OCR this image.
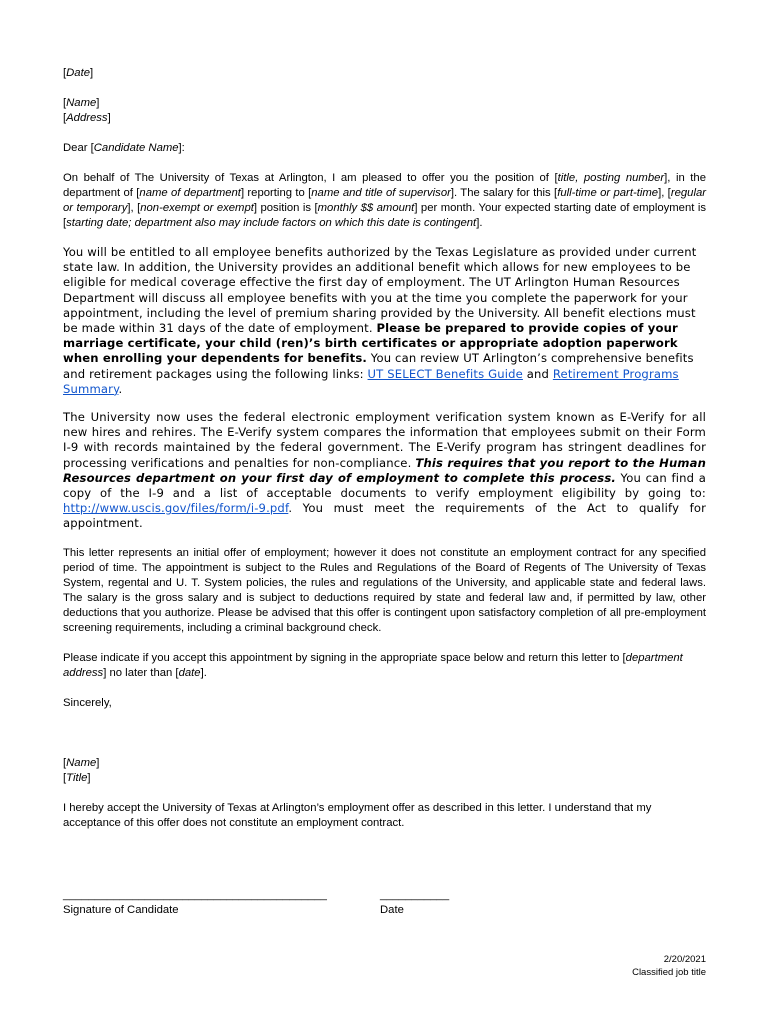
[Date]

[Name]
[Address]

Dear [Candidate Name]:

On behalf of The University of Texas at Arlington, I am pleased to offer you the position of [title, posting number], in the department of [name of department] reporting to [name and title of supervisor]. The salary for this [full-time or part-time], [regular or temporary], [non-exempt or exempt] position is [monthly $$ amount] per month. Your expected starting date of employment is [starting date; department also may include factors on which this date is contingent].

You will be entitled to all employee benefits authorized by the Texas Legislature as provided under current state law. In addition, the University provides an additional benefit which allows for new employees to be eligible for medical coverage effective the first day of employment. The UT Arlington Human Resources Department will discuss all employee benefits with you at the time you complete the paperwork for your appointment, including the level of premium sharing provided by the University. All benefit elections must be made within 31 days of the date of employment. Please be prepared to provide copies of your marriage certificate, your child (ren)’s birth certificates or appropriate adoption paperwork when enrolling your dependents for benefits. You can review UT Arlington’s comprehensive benefits and retirement packages using the following links: UT SELECT Benefits Guide and Retirement Programs Summary.

The University now uses the federal electronic employment verification system known as E-Verify for all new hires and rehires. The E-Verify system compares the information that employees submit on their Form I-9 with records maintained by the federal government. The E-Verify program has stringent deadlines for processing verifications and penalties for non-compliance. This requires that you report to the Human Resources department on your first day of employment to complete this process. You can find a copy of the I-9 and a list of acceptable documents to verify employment eligibility by going to: http://www.uscis.gov/files/form/i-9.pdf. You must meet the requirements of the Act to qualify for appointment.

This letter represents an initial offer of employment; however it does not constitute an employment contract for any specified period of time. The appointment is subject to the Rules and Regulations of the Board of Regents of The University of Texas System, regental and U. T. System policies, the rules and regulations of the University, and applicable state and federal laws. The salary is the gross salary and is subject to deductions required by state and federal law and, if permitted by law, other deductions that you authorize. Please be advised that this offer is contingent upon satisfactory completion of all pre-employment screening requirements, including a criminal background check.

Please indicate if you accept this appointment by signing in the appropriate space below and return this letter to [department address] no later than [date].

Sincerely,

[Name]
[Title]

I hereby accept the University of Texas at Arlington’s employment offer as described in this letter. I understand that my acceptance of this offer does not constitute an employment contract.

__________________________________________
Signature of Candidate
___________
Date
2/20/2021
Classified job title
